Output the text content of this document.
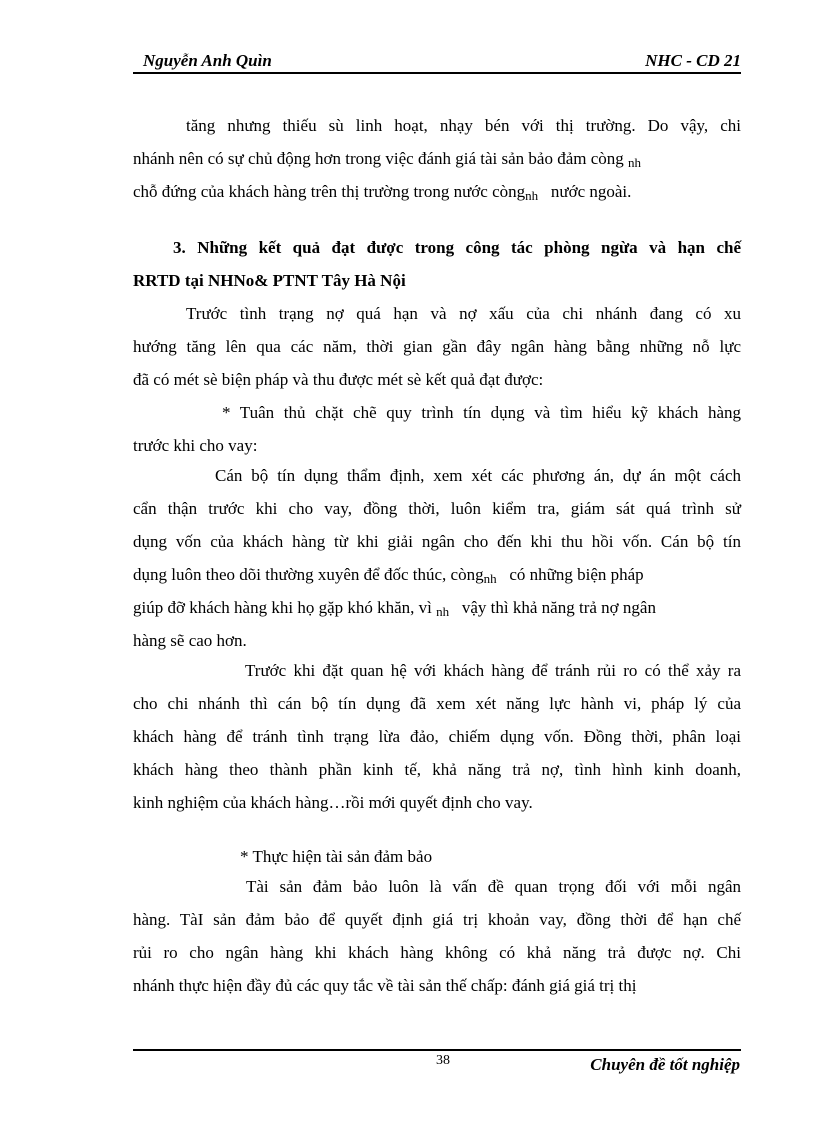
Nguyễn Anh Quìn	NHC - CD 21
tăng nhưng thiếu sù linh hoạt, nhạy bén với thị trường. Do vậy, chi
nhánh nên có sự chủ động hơn trong việc đánh giá tài sản bảo đảm còng nh
chỗ đứng của khách hàng trên thị trường trong nước còngnh nước ngoài.
3. Những kết quả đạt được trong công tác phòng ngừa và hạn chế
RRTD tại NHNo& PTNT Tây Hà Nội
Trước tình trạng nợ quá hạn và nợ xấu của chi nhánh đang có xu
hướng tăng lên qua các năm, thời gian gần đây ngân hàng bằng những nỗ lực
đã có mét sè biện pháp và thu được mét sè kết quả đạt được:
* Tuân thủ chặt chẽ quy trình tín dụng và tìm hiểu kỹ khách hàng
trước khi cho vay:
Cán bộ tín dụng thẩm định, xem xét các phương án, dự án một cách
cẩn thận trước khi cho vay, đồng thời, luôn kiểm tra, giám sát quá trình sử
dụng vốn của khách hàng từ khi giải ngân cho đến khi thu hồi vốn. Cán bộ tín
dụng luôn theo dõi thường xuyên để đốc thúc, còngnh có những biện pháp
giúp đỡ khách hàng khi họ gặp khó khăn, vì nh vậy thì khả năng trả nợ ngân
hàng sẽ cao hơn.
Trước khi đặt quan hệ với khách hàng để tránh rủi ro có thể xảy ra
cho chi nhánh thì cán bộ tín dụng đã xem xét năng lực hành vi, pháp lý của
khách hàng để tránh tình trạng lừa đảo, chiếm dụng vốn. Đồng thời, phân loại
khách hàng theo thành phần kinh tế, khả năng trả nợ, tình hình kinh doanh,
kinh nghiệm của khách hàng…rồi mới quyết định cho vay.
* Thực hiện tài sản đảm bảo
Tài sản đảm bảo luôn là vấn đề quan trọng đối với mỗi ngân
hàng. TàI sản đảm bảo để quyết định giá trị khoản vay, đồng thời để hạn chế
rủi ro cho ngân hàng khi khách hàng không có khả năng trả được nợ. Chi
nhánh thực hiện đầy đủ các quy tắc về tài sản thế chấp: đánh giá giá trị thị
38	Chuyên đề tốt nghiệp
